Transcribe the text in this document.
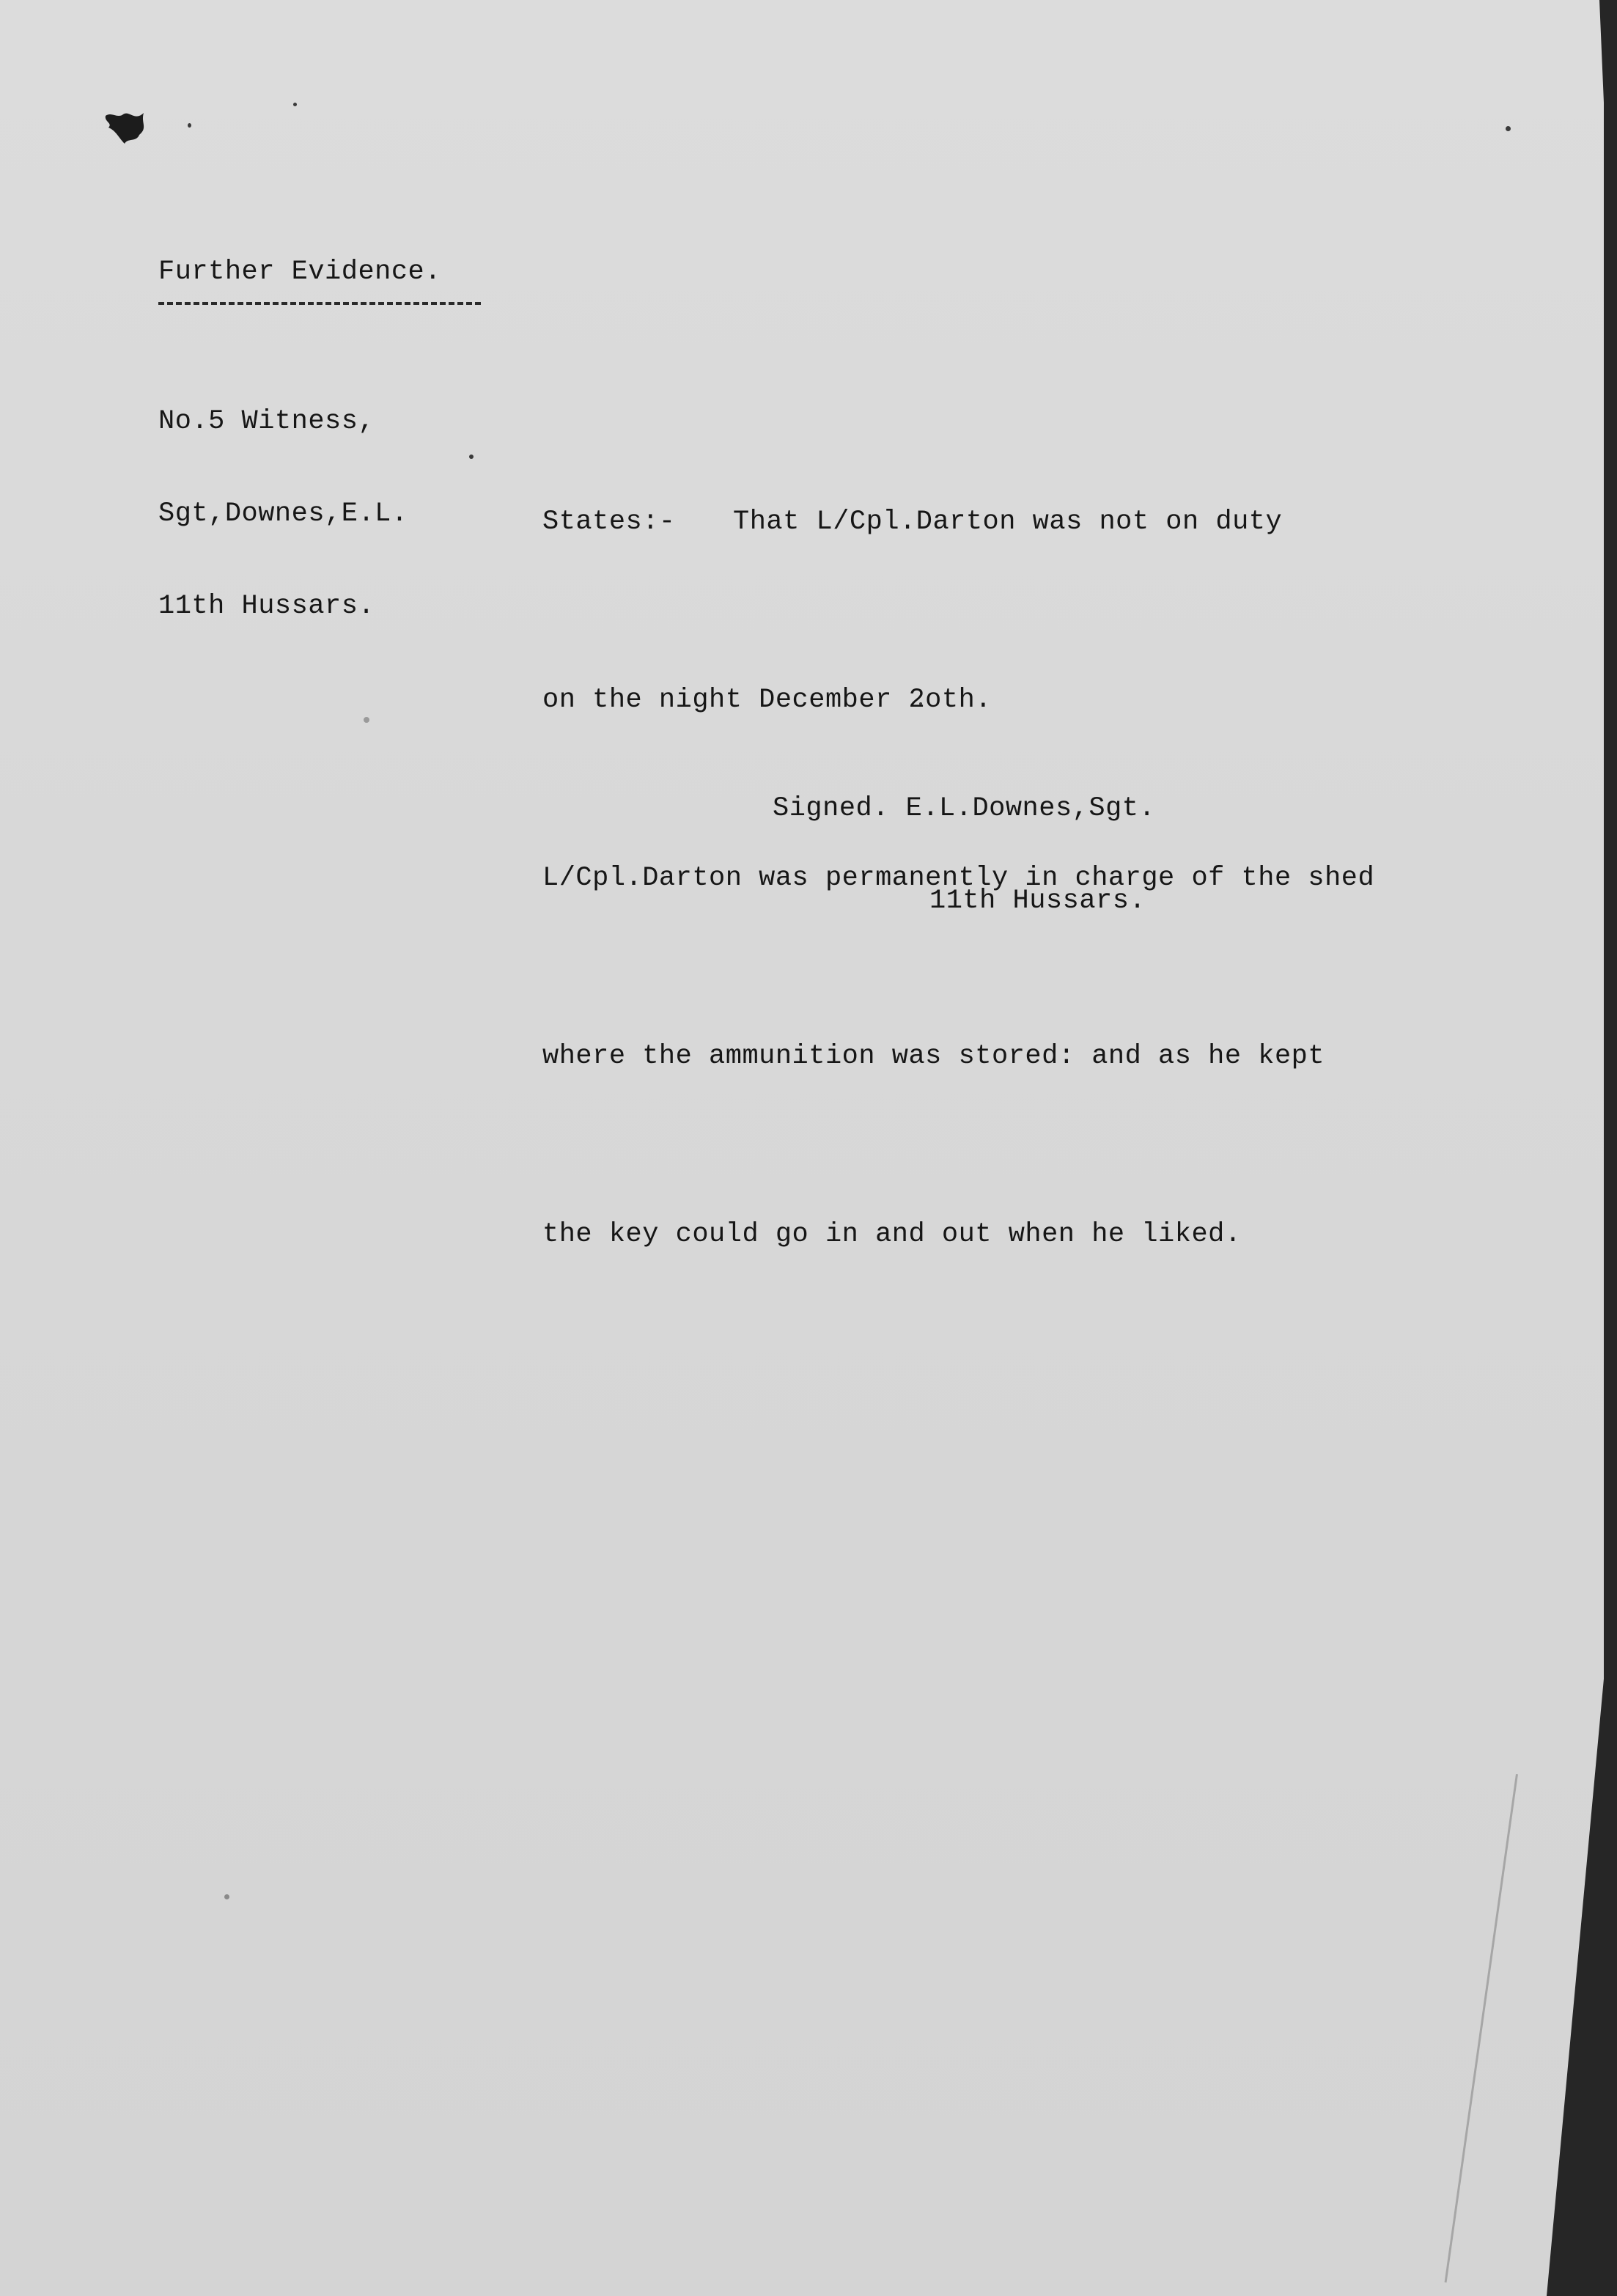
Further Evidence.

No.5 Witness,

Sgt,Downes,E.L.

11th Hussars.

States:- That L/Cpl.Darton was not on duty

on the night December 2oth.

L/Cpl.Darton was permanently in charge of the shed

where the ammunition was stored: and as he kept

the key could go in and out when he liked.

Signed. E.L.Downes,Sgt.

11th Hussars.
